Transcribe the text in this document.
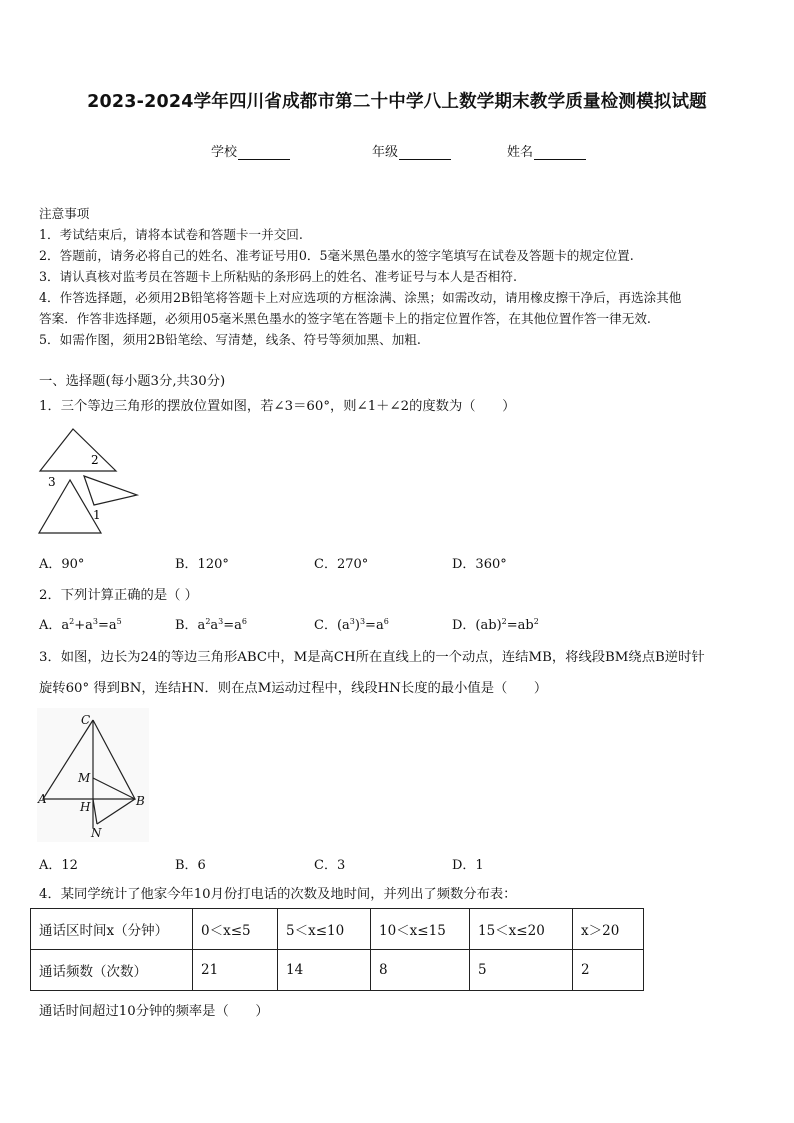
2023-2024学年四川省成都市第二十中学八上数学期末教学质量检测模拟试题
学校	年级	姓名
注意事项
1．考试结束后，请将本试卷和答题卡一并交回.
2．答题前，请务必将自己的姓名、准考证号用0．5毫米黑色墨水的签字笔填写在试卷及答题卡的规定位置.
3．请认真核对监考员在答题卡上所粘贴的条形码上的姓名、准考证号与本人是否相符.
4．作答选择题，必须用2B铅笔将答题卡上对应选项的方框涂满、涂黑；如需改动，请用橡皮擦干净后，再选涂其他
答案．作答非选择题，必须用05毫米黑色墨水的签字笔在答题卡上的指定位置作答，在其他位置作答一律无效.
5．如需作图，须用2B铅笔绘、写清楚，线条、符号等须加黑、加粗.
一、选择题(每小题3分,共30分)
1．三个等边三角形的摆放位置如图，若∠3＝60°，则∠1＋∠2的度数为（　　）
2
3
1
A．90°	B．120°	C．270°	D．360°
2．下列计算正确的是（ ）
A．$a^2+a^3=a^5$	B．$a^2a^3=a^6$	C．$(a^3)^3=a^6$	D．$(ab)^2=ab^2$
3．如图，边长为24的等边三角形ABC中，M是高CH所在直线上的一个动点，连结MB，将线段BM绕点B逆时针
旋转60° 得到BN，连结HN．则在点M运动过程中，线段HN长度的最小值是（　　）
C
M
A
H	B
N
A．12	B．6	C．3	D．1
4．某同学统计了他家今年10月份打电话的次数及地时间，并列出了频数分布表：
通话区时间x（分钟）	0＜x≤5	5＜x≤10	10＜x≤15	15＜x≤20	x＞20
通话频数（次数）	21	14	8	5	2
通话时间超过10分钟的频率是（　　）
